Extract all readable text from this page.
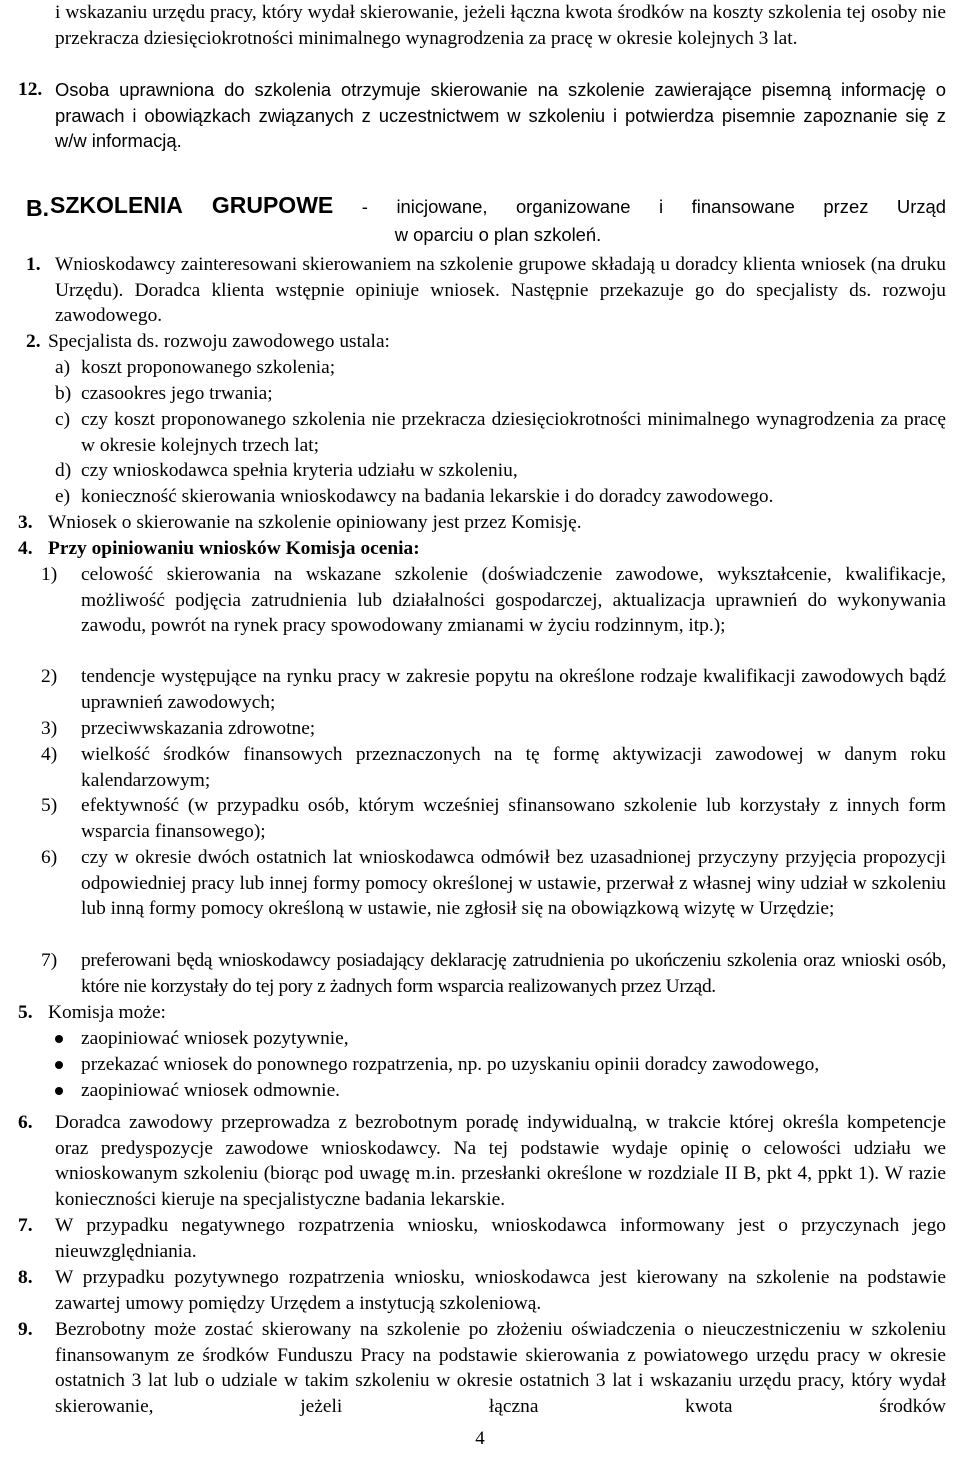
i wskazaniu urzędu pracy, który wydał skierowanie, jeżeli łączna kwota środków na koszty szkolenia tej osoby nie przekracza dziesięciokrotności minimalnego wynagrodzenia za pracę w okresie kolejnych 3 lat.

12. Osoba uprawniona do szkolenia otrzymuje skierowanie na szkolenie zawierające pisemną informację o prawach i obowiązkach związanych z uczestnictwem w szkoleniu i potwierdza pisemnie zapoznanie się z w/w informacją.

B. SZKOLENIA GRUPOWE - inicjowane, organizowane i finansowane przez Urząd
w oparciu o plan szkoleń.
1. Wnioskodawcy zainteresowani skierowaniem na szkolenie grupowe składają u doradcy klienta wniosek (na druku Urzędu). Doradca klienta wstępnie opiniuje wniosek. Następnie przekazuje go do specjalisty ds. rozwoju zawodowego.

2. Specjalista ds. rozwoju zawodowego ustala:

a) koszt proponowanego szkolenia;

b) czasookres jego trwania;

c) czy koszt proponowanego szkolenia nie przekracza dziesięciokrotności minimalnego wynagrodzenia za pracę w okresie kolejnych trzech lat;

d) czy wnioskodawca spełnia kryteria udziału w szkoleniu,

e) konieczność skierowania wnioskodawcy na badania lekarskie i do doradcy zawodowego.

3. Wniosek o skierowanie na szkolenie opiniowany jest przez Komisję.

4. Przy opiniowaniu wniosków Komisja ocenia:

1) celowość skierowania na wskazane szkolenie (doświadczenie zawodowe, wykształcenie, kwalifikacje, możliwość podjęcia zatrudnienia lub działalności gospodarczej, aktualizacja uprawnień do wykonywania zawodu, powrót na rynek pracy spowodowany zmianami w życiu rodzinnym, itp.);

2) tendencje występujące na rynku pracy w zakresie popytu na określone rodzaje kwalifikacji zawodowych bądź uprawnień zawodowych;

3) przeciwwskazania zdrowotne;

4) wielkość środków finansowych przeznaczonych na tę formę aktywizacji zawodowej w danym roku kalendarzowym;

5) efektywność (w przypadku osób, którym wcześniej sfinansowano szkolenie lub korzystały z innych form wsparcia finansowego);

6) czy w okresie dwóch ostatnich lat wnioskodawca odmówił bez uzasadnionej przyczyny przyjęcia propozycji odpowiedniej pracy lub innej formy pomocy określonej w ustawie, przerwał z własnej winy udział w szkoleniu lub inną formy pomocy określoną w ustawie, nie zgłosił się na obowiązkową wizytę w Urzędzie;

7) preferowani będą wnioskodawcy posiadający deklarację zatrudnienia po ukończeniu szkolenia oraz wnioski osób, które nie korzystały do tej pory z żadnych form wsparcia realizowanych przez Urząd.

5. Komisja może:

zaopiniować wniosek pozytywnie,

przekazać wniosek do ponownego rozpatrzenia, np. po uzyskaniu opinii doradcy zawodowego,

zaopiniować wniosek odmownie.

6. Doradca zawodowy przeprowadza z bezrobotnym poradę indywidualną, w trakcie której określa kompetencje oraz predyspozycje zawodowe wnioskodawcy. Na tej podstawie wydaje opinię o celowości udziału we wnioskowanym szkoleniu (biorąc pod uwagę m.in. przesłanki określone w rozdziale II B, pkt 4, ppkt 1). W razie konieczności kieruje na specjalistyczne badania lekarskie.

7. W przypadku negatywnego rozpatrzenia wniosku, wnioskodawca informowany jest o przyczynach jego nieuwzględniania.

8. W przypadku pozytywnego rozpatrzenia wniosku, wnioskodawca jest kierowany na szkolenie na podstawie zawartej umowy pomiędzy Urzędem a instytucją szkoleniową.

9. Bezrobotny może zostać skierowany na szkolenie po złożeniu oświadczenia o nieuczestniczeniu w szkoleniu finansowanym ze środków Funduszu Pracy na podstawie skierowania z powiatowego urzędu pracy w okresie ostatnich 3 lat lub o udziale w takim szkoleniu w okresie ostatnich 3 lat i wskazaniu urzędu pracy, który wydał skierowanie, jeżeli łączna kwota środków

4
